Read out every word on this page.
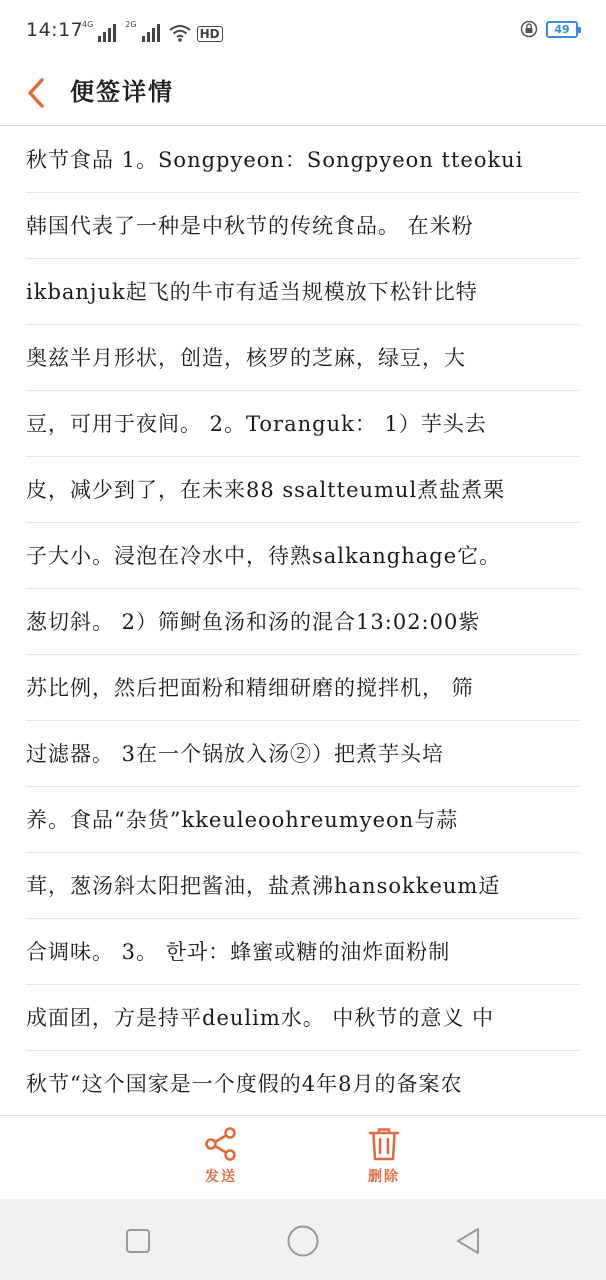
14:17
4G	2G
HD	49
便签详情
秋节食品 1。Songpyeon：Songpyeon tteokui
韩国代表了一种是中秋节的传统食品。 在米粉
ikbanjuk起飞的牛市有适当规模放下松针比特
奥兹半月形状，创造，核罗的芝麻，绿豆，大
豆，可用于夜间。 2。Toranguk： 1）芋头去
皮，减少到了，在未来88 ssaltteumul煮盐煮栗
子大小。浸泡在冷水中，待熟salkanghage它。
葱切斜。 2）筛鲥鱼汤和汤的混合13:02:00紫
苏比例，然后把面粉和精细研磨的搅拌机， 筛
过滤器。 3在一个锅放入汤②）把煮芋头培
养。食品“杂货”kkeuleoohreumyeon与蒜
茸，葱汤斜太阳把酱油，盐煮沸hansokkeum适
合调味。 3。 한과：蜂蜜或糖的油炸面粉制
成面团，方是持平deulim水。 中秋节的意义 中
秋节“这个国家是一个度假的4年8月的备案农
发送	删除
